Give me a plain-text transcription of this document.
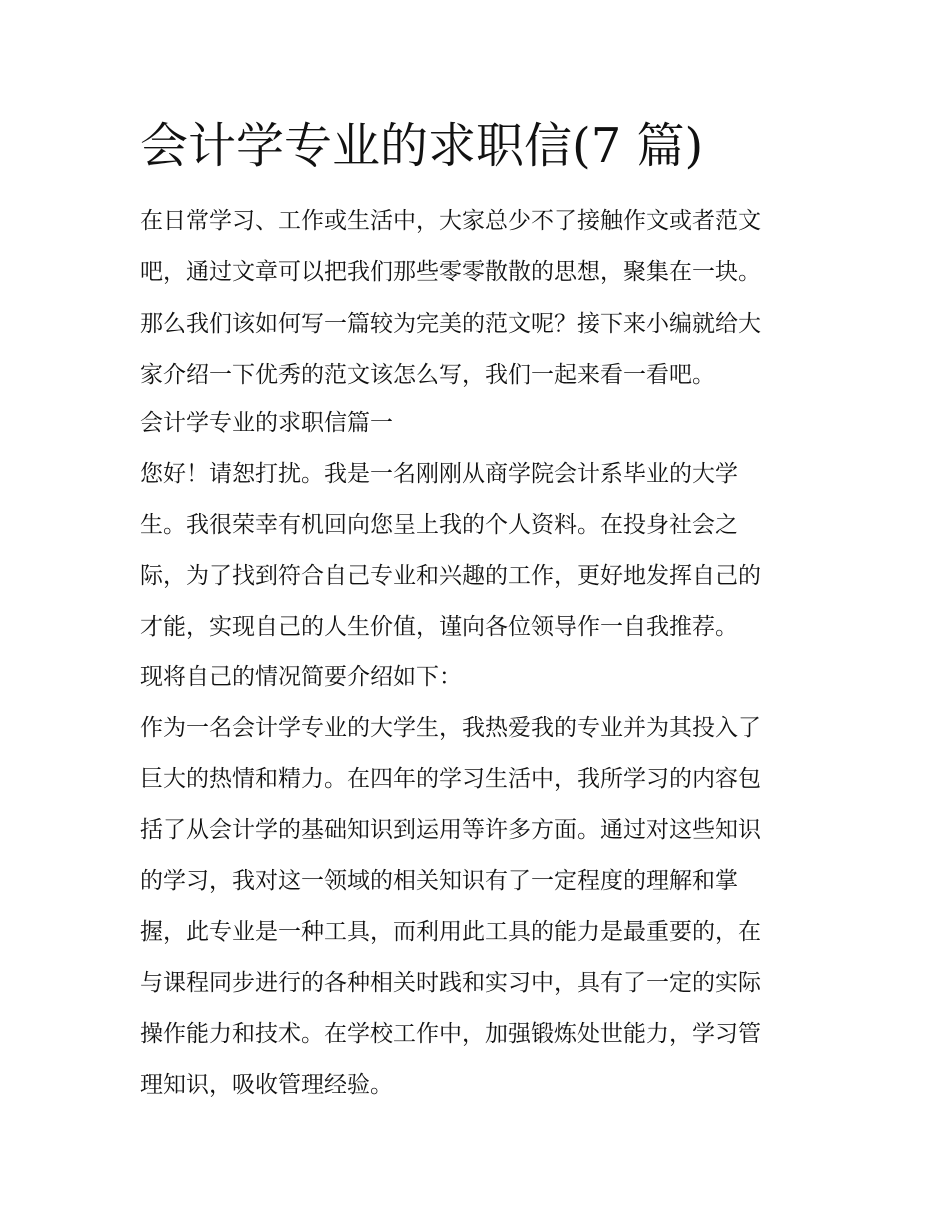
会计学专业的求职信(7 篇)

在日常学习、工作或生活中，大家总少不了接触作文或者范文

吧，通过文章可以把我们那些零零散散的思想，聚集在一块。

那么我们该如何写一篇较为完美的范文呢？接下来小编就给大

家介绍一下优秀的范文该怎么写，我们一起来看一看吧。

会计学专业的求职信篇一

您好！请恕打扰。我是一名刚刚从商学院会计系毕业的大学

生。我很荣幸有机回向您呈上我的个人资料。在投身社会之

际，为了找到符合自己专业和兴趣的工作，更好地发挥自己的

才能，实现自己的人生价值，谨向各位领导作一自我推荐。

现将自己的情况简要介绍如下：

作为一名会计学专业的大学生，我热爱我的专业并为其投入了

巨大的热情和精力。在四年的学习生活中，我所学习的内容包

括了从会计学的基础知识到运用等许多方面。通过对这些知识

的学习，我对这一领域的相关知识有了一定程度的理解和掌

握，此专业是一种工具，而利用此工具的能力是最重要的，在

与课程同步进行的各种相关时践和实习中，具有了一定的实际

操作能力和技术。在学校工作中，加强锻炼处世能力，学习管

理知识，吸收管理经验。
